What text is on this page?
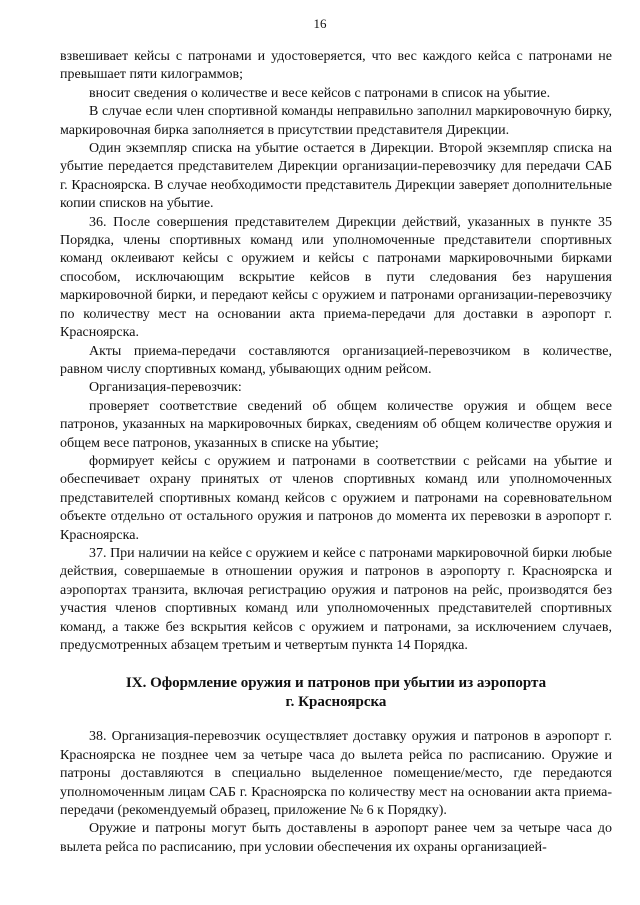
16

взвешивает кейсы с патронами и удостоверяется, что вес каждого кейса с патронами не превышает пяти килограммов;

вносит сведения о количестве и весе кейсов с патронами в список на убытие.

В случае если член спортивной команды неправильно заполнил маркировочную бирку, маркировочная бирка заполняется в присутствии представителя Дирекции.

Один экземпляр списка на убытие остается в Дирекции. Второй экземпляр списка на убытие передается представителем Дирекции организации-перевозчику для передачи САБ г. Красноярска. В случае необходимости представитель Дирекции заверяет дополнительные копии списков на убытие.

36. После совершения представителем Дирекции действий, указанных в пункте 35 Порядка, члены спортивных команд или уполномоченные представители спортивных команд оклеивают кейсы с оружием и кейсы с патронами маркировочными бирками способом, исключающим вскрытие кейсов в пути следования без нарушения маркировочной бирки, и передают кейсы с оружием и патронами организации-перевозчику по количеству мест на основании акта приема-передачи для доставки в аэропорт г. Красноярска.

Акты приема-передачи составляются организацией-перевозчиком в количестве, равном числу спортивных команд, убывающих одним рейсом.

Организация-перевозчик:

проверяет соответствие сведений об общем количестве оружия и общем весе патронов, указанных на маркировочных бирках, сведениям об общем количестве оружия и общем весе патронов, указанных в списке на убытие;

формирует кейсы с оружием и патронами в соответствии с рейсами на убытие и обеспечивает охрану принятых от членов спортивных команд или уполномоченных представителей спортивных команд кейсов с оружием и патронами на соревновательном объекте отдельно от остального оружия и патронов до момента их перевозки в аэропорт г. Красноярска.

37. При наличии на кейсе с оружием и кейсе с патронами маркировочной бирки любые действия, совершаемые в отношении оружия и патронов в аэропорту г. Красноярска и аэропортах транзита, включая регистрацию оружия и патронов на рейс, производятся без участия членов спортивных команд или уполномоченных представителей спортивных команд, а также без вскрытия кейсов с оружием и патронами, за исключением случаев, предусмотренных абзацем третьим и четвертым пункта 14 Порядка.

IX. Оформление оружия и патронов при убытии из аэропорта
г. Красноярска

38. Организация-перевозчик осуществляет доставку оружия и патронов в аэропорт г. Красноярска не позднее чем за четыре часа до вылета рейса по расписанию. Оружие и патроны доставляются в специально выделенное помещение/место, где передаются уполномоченным лицам САБ г. Красноярска по количеству мест на основании акта приема-передачи (рекомендуемый образец, приложение № 6 к Порядку).

Оружие и патроны могут быть доставлены в аэропорт ранее чем за четыре часа до вылета рейса по расписанию, при условии обеспечения их охраны организацией-
